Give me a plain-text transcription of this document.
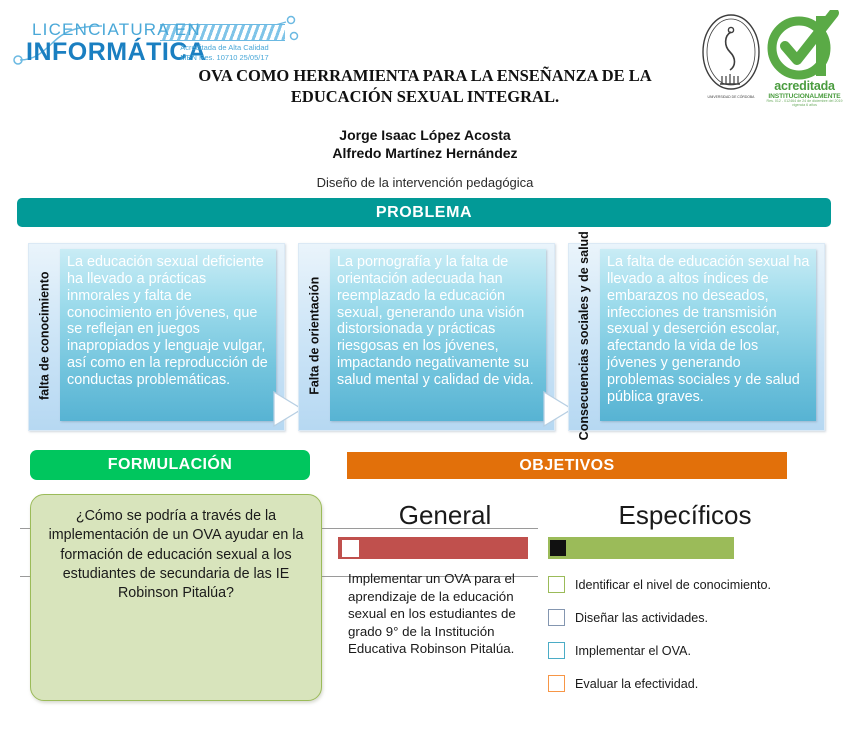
LICENCIATURA EN
INFORMÁTICA
Acreditada de Alta Calidad
MEN Res. 10710 25/05/17
UNIVERSIDAD DE CÓRDOBA
acreditada
INSTITUCIONALMENTE
Res. 012 - 012464 de 24 de diciembre del 2019 vigencia 6 años
OVA COMO HERRAMIENTA PARA LA ENSEÑANZA DE LA EDUCACIÓN SEXUAL INTEGRAL.
Jorge Isaac López Acosta
Alfredo Martínez Hernández
Diseño de la intervención pedagógica
PROBLEMA
falta de conocimiento

La educación sexual deficiente ha llevado a prácticas inmorales y falta de conocimiento en jóvenes, que se reflejan en juegos inapropiados y lenguaje vulgar, así como en la reproducción de conductas problemáticas.	Falta de orientación

La pornografía y la falta de orientación adecuada han reemplazado la educación sexual, generando una visión distorsionada y prácticas riesgosas en los jóvenes, impactando negativamente su salud mental y calidad de vida.	Consecuencias sociales y de salud	La falta de educación sexual ha llevado a altos índices de embarazos no deseados, infecciones de transmisión sexual y deserción escolar, afectando la vida de los jóvenes y generando problemas sociales y de salud pública graves.

FORMULACIÓN	OBJETIVOS

¿Cómo se podría a través de la implementación de un OVA ayudar en la formación de educación sexual a los estudiantes de secundaria de las IE Robinson Pitalúa?

General
Implementar un OVA para el aprendizaje de la educación sexual en los estudiantes de grado 9° de la Institución Educativa Robinson Pitalúa.
Específicos
Identificar el nivel de conocimiento.
Diseñar las actividades.
Implementar el OVA.
Evaluar la efectividad.
